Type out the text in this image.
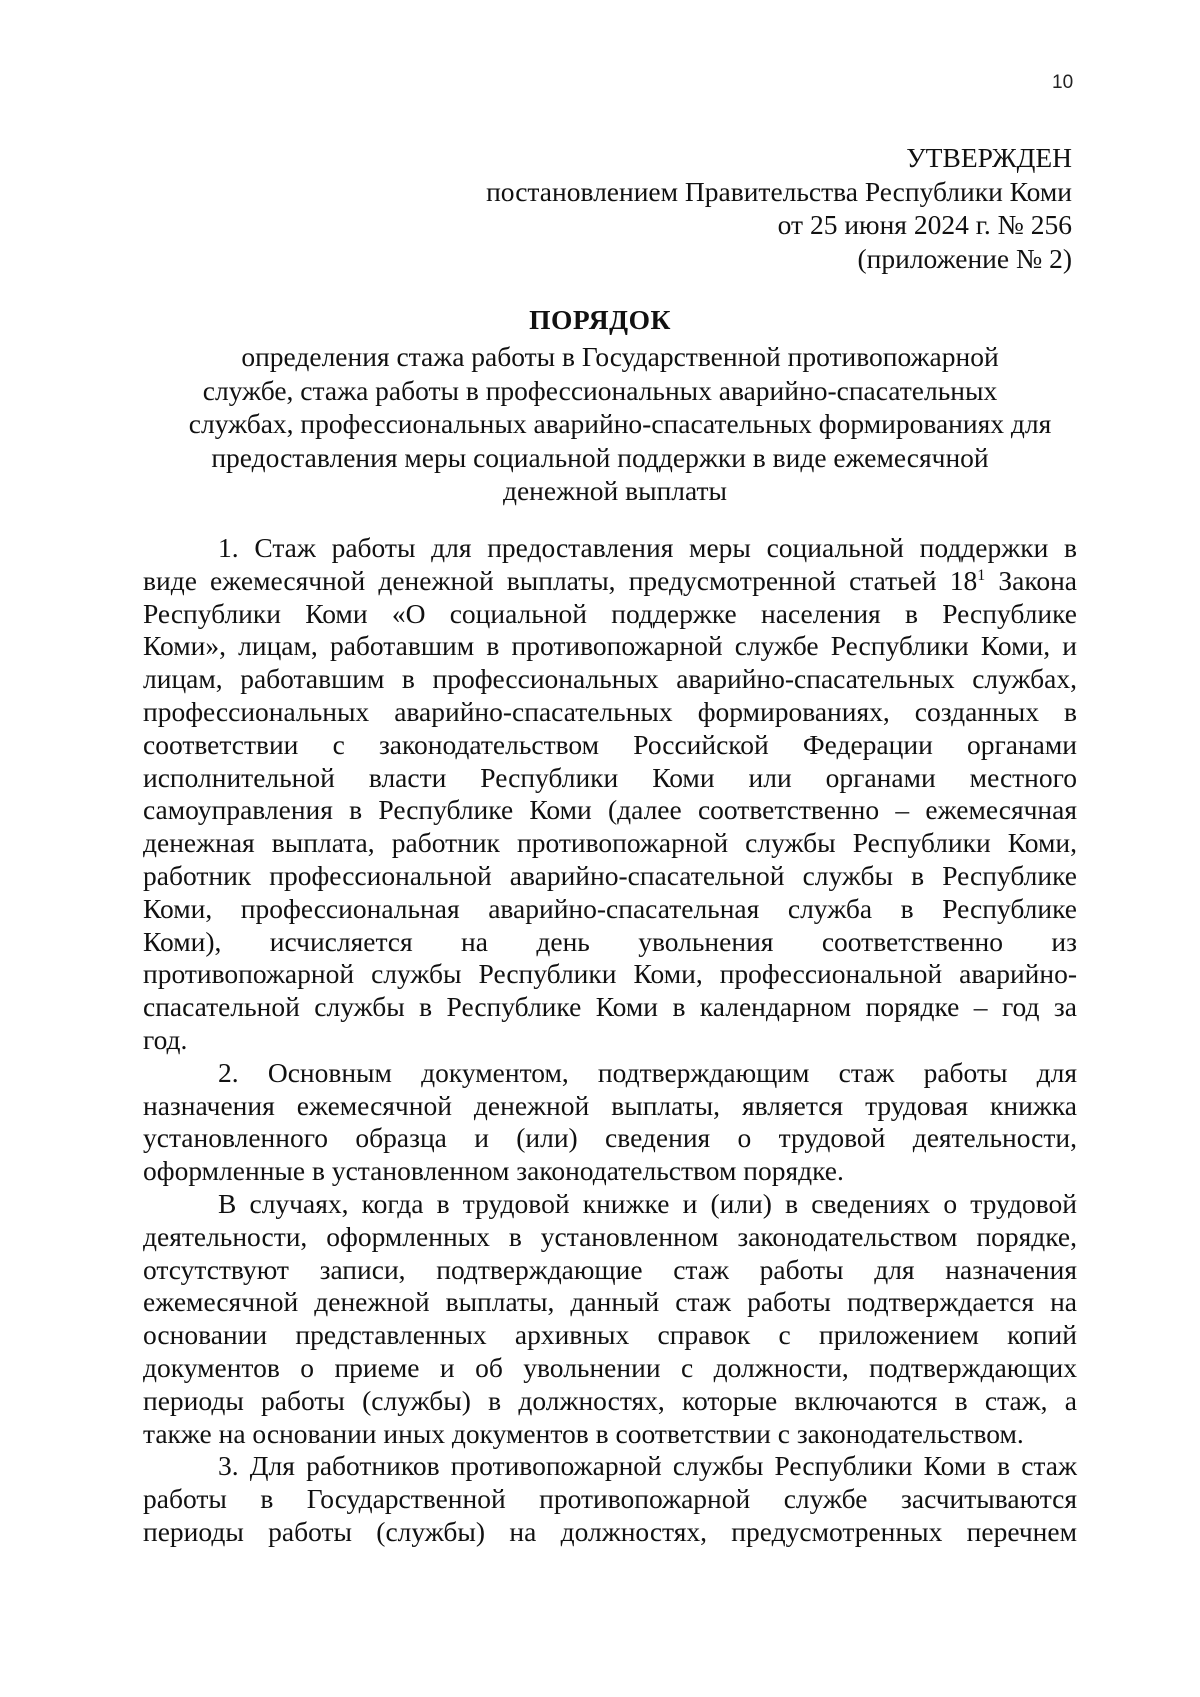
10
УТВЕРЖДЕН
постановлением Правительства Республики Коми
от 25 июня 2024 г. № 256
(приложение № 2)
ПОРЯДОК
определения стажа работы в Государственной противопожарной
службе, стажа работы в профессиональных аварийно-спасательных
службах, профессиональных аварийно-спасательных формированиях для
предоставления меры социальной поддержки в виде ежемесячной
денежной выплаты
1. Стаж работы для предоставления меры социальной поддержки в
виде ежемесячной денежной выплаты, предусмотренной статьей $18^1$ Закона
Республики Коми «О социальной поддержке населения в Республике
Коми», лицам, работавшим в противопожарной службе Республики Коми, и
лицам, работавшим в профессиональных аварийно-спасательных службах,
профессиональных аварийно-спасательных формированиях, созданных в
соответствии с законодательством Российской Федерации органами
исполнительной власти Республики Коми или органами местного
самоуправления в Республике Коми (далее соответственно – ежемесячная
денежная выплата, работник противопожарной службы Республики Коми,
работник профессиональной аварийно-спасательной службы в Республике
Коми, профессиональная аварийно-спасательная служба в Республике
Коми), исчисляется на день увольнения соответственно из
противопожарной службы Республики Коми, профессиональной аварийно-
спасательной службы в Республике Коми в календарном порядке – год за
год.
2. Основным документом, подтверждающим стаж работы для
назначения ежемесячной денежной выплаты, является трудовая книжка
установленного образца и (или) сведения о трудовой деятельности,
оформленные в установленном законодательством порядке.
В случаях, когда в трудовой книжке и (или) в сведениях о трудовой
деятельности, оформленных в установленном законодательством порядке,
отсутствуют записи, подтверждающие стаж работы для назначения
ежемесячной денежной выплаты, данный стаж работы подтверждается на
основании представленных архивных справок с приложением копий
документов о приеме и об увольнении с должности, подтверждающих
периоды работы (службы) в должностях, которые включаются в стаж, а
также на основании иных документов в соответствии с законодательством.
3. Для работников противопожарной службы Республики Коми в стаж
работы в Государственной противопожарной службе засчитываются
периоды работы (службы) на должностях, предусмотренных перечнем
